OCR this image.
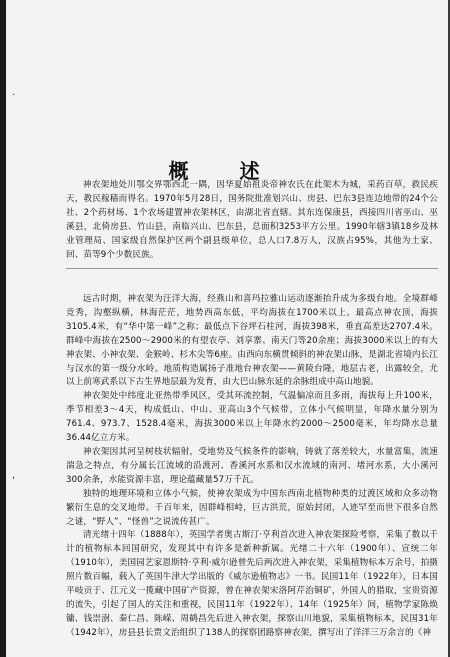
·
,
概 述

神农架地处川鄂交界鄂西北一隅，因华夏始祖炎帝神农氏在此架木为城，采药百草，救民疾天，教民稼穑而得名。1970年5月28日，国务院批准划兴山、房县、巴东3县连边地带的24个公社、2个药材场、1个农场建置神农架林区，由湖北省直辖。其东连保康县，西接四川省巫山、巫溪县，北倚房县、竹山县，南临兴山、巴东县，总面积3253平方公里。1990年辖3镇18乡及林业管理局、国家级自然保护区两个副县级单位，总人口7.8万人，汉族占95%，其他为土家、回、苗等9个少数民族。

远古时期，神农架为汪洋大海，经燕山和喜玛拉雅山运动逐渐抬升成为多级台地。全境群峰竞秀，沟壑纵横，林海茫茫，地势西高东低，平均海拔在1700米以上。最高点神农顶，海拔3105.4米，有“华中第一峰”之称；最低点下谷坪石柱河，海拔398米，垂直高差达2707.4米。群峰中海拔在2500～2900米的有望农亭、刘享寨、南天门等20余座；海拔3000米以上的有大神农架、小神农架、金猴岭、杉木尖等6座。由西向东横贯倾斜的神农架山脉，是湖北省境内长江与汉水的第一级分水岭。地质构造属扬子准地台神农架——黄陵台隆，地层古老，出露较全，尤以上前寒武系以下古生界地层最为发育，由大巴山脉东延的余脉组成中高山地貌。

神农架处中纬度北亚热带季风区，受其环流控制，气温偏凉而且多雨，海拔每上升100米，季节相差3～4天，构成低山、中山、亚高山3个气候带，立体小气候明显，年降水量分别为761.4、973.7、1528.4毫米，海拔3000米以上年降水约2000～2500毫米，年均降水总量36.44亿立方米。

神农架因其河呈树枝状辐射，受地势及气候条件的影响，铸就了落差较大，水量富集，流速湍急之特点，有分属长江流域的沿渡河、香溪河水系和汉水流域的南河、堵河水系，大小溪河300余条，水能资源丰富，理论蕴藏量57万千瓦。

独特的地理环境和立体小气候，使神农架成为中国东西南北植物种类的过渡区域和众多动物繁衍生息的交叉地带。千百年来，因群峰相峙，巨古洪荒，原始封闭，人迹罕至而世下很多自然之谜，“野人”、“怪兽”之说流传甚广。

清光绪十四年（1888年），英国学者奥古斯汀·亨利首次进入神农架探险考察，采集了数以千计的植物标本回国研究，发现其中有许多是新种新属。光绪二十六年（1900年）、宣统二年（1910年），美国园艺家恩斯特·亨利·威尔逊曾先后两次进入神农架，采集植物标本万余号，拍摄照片数百幅，载入了英国牛津大学出版的《威尔逊植物志》一书。民国11年（1922年），日本国平岐贡于、江元义一揽藏中国矿产资源，曾在神农架宋洛阿芹治铜矿，外国人的猎取，宝贵资源的流失，引起了国人的关注和重视，民国11年（1922年）、14年（1925年）间，植物学家陈焕镛、钱崇澍、秦仁昌、陈嵘、周鹤昌先后进入神农架，探察山川地貌，采集植物标本，民国31年（1942年），房县县长贾文治组织了138人的探察团路察神农架，撰写出了洋洋三万余言的《神
